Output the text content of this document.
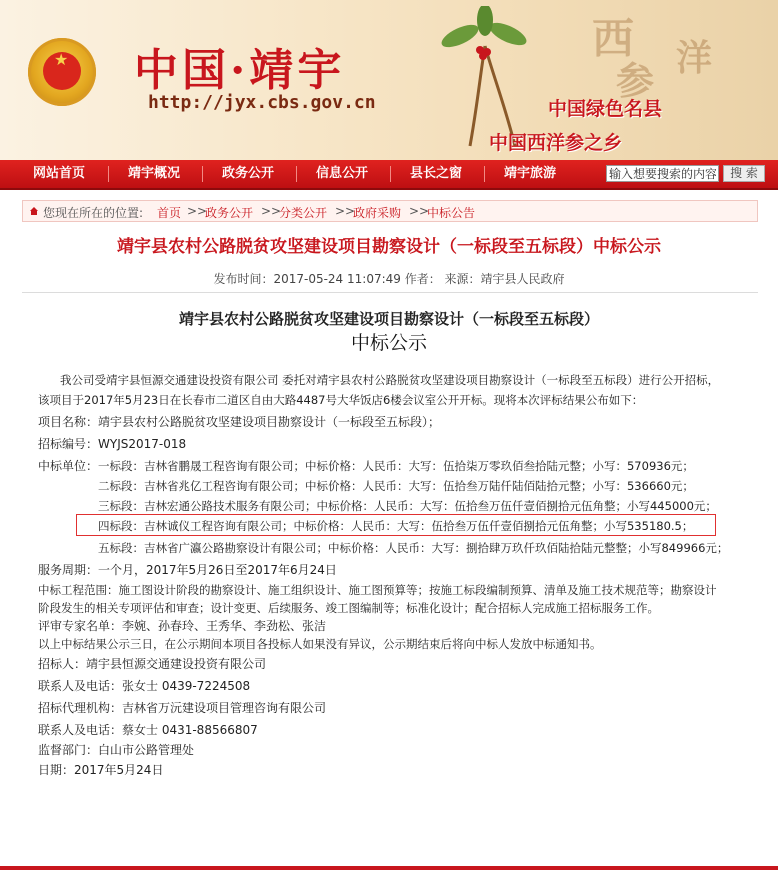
西 洋
参
★ 中国·靖宇
http://jyx.cbs.gov.cn	中国绿色名县
中国西洋参之乡
网站首页	靖宇概况	政务公开	信息公开	县长之窗	靖宇旅游
输入想要搜索的内容	搜 索
您现在所在的位置: 首页 >>
政务公开 >>
分类公开 >>
政府采购 >>
中标公告
靖宇县农村公路脱贫攻坚建设项目勘察设计（一标段至五标段）中标公示
发布时间：2017-05-24 11:07:49 作者： 来源：靖宇县人民政府
靖宇县农村公路脱贫攻坚建设项目勘察设计（一标段至五标段）
中标公示
我公司受靖宇县恒源交通建设投资有限公司 委托对靖宇县农村公路脱贫攻坚建设项目勘察设计（一标段至五标段）进行公开招标，
该项目于2017年5月23日在长春市二道区自由大路4487号大华饭店6楼会议室公开开标。现将本次评标结果公布如下：
项目名称：靖宇县农村公路脱贫攻坚建设项目勘察设计（一标段至五标段）；
招标编号：WYJS2017-018
中标单位： 一标段：吉林省鹏晟工程咨询有限公司；中标价格：人民币：大写：伍拾柒万零玖佰叁拾陆元整；小写：570936元；
二标段：吉林省兆亿工程咨询有限公司；中标价格：人民币：大写：伍拾叁万陆仟陆佰陆拾元整；小写：536660元；
三标段：吉林宏通公路技术服务有限公司；中标价格：人民币：大写：伍拾叁万伍仟壹佰捌拾元伍角整；小写445000元；
四标段：吉林诚仪工程咨询有限公司；中标价格：人民币：大写：伍拾叁万伍仟壹佰捌拾元伍角整；小写535180.5；
五标段：吉林省广瀛公路勘察设计有限公司；中标价格：人民币：大写：捌拾肆万玖仟玖佰陆拾陆元整整；小写849966元；
服务周期：一个月，2017年5月26日至2017年6月24日
中标工程范围：施工图设计阶段的勘察设计、施工组织设计、施工图预算等；按施工标段编制预算、清单及施工技术规范等；勘察设计
阶段发生的相关专项评估和审查；设计变更、后续服务、竣工图编制等；标准化设计；配合招标人完成施工招标服务工作。
评审专家名单：李婉、孙春玲、王秀华、李劲松、张洁
以上中标结果公示三日，在公示期间本项目各投标人如果没有异议，公示期结束后将向中标人发放中标通知书。
招标人：靖宇县恒源交通建设投资有限公司
联系人及电话：张女士 0439-7224508
招标代理机构：吉林省万沅建设项目管理咨询有限公司
联系人及电话：蔡女士 0431-88566807
监督部门：白山市公路管理处
日期：2017年5月24日
